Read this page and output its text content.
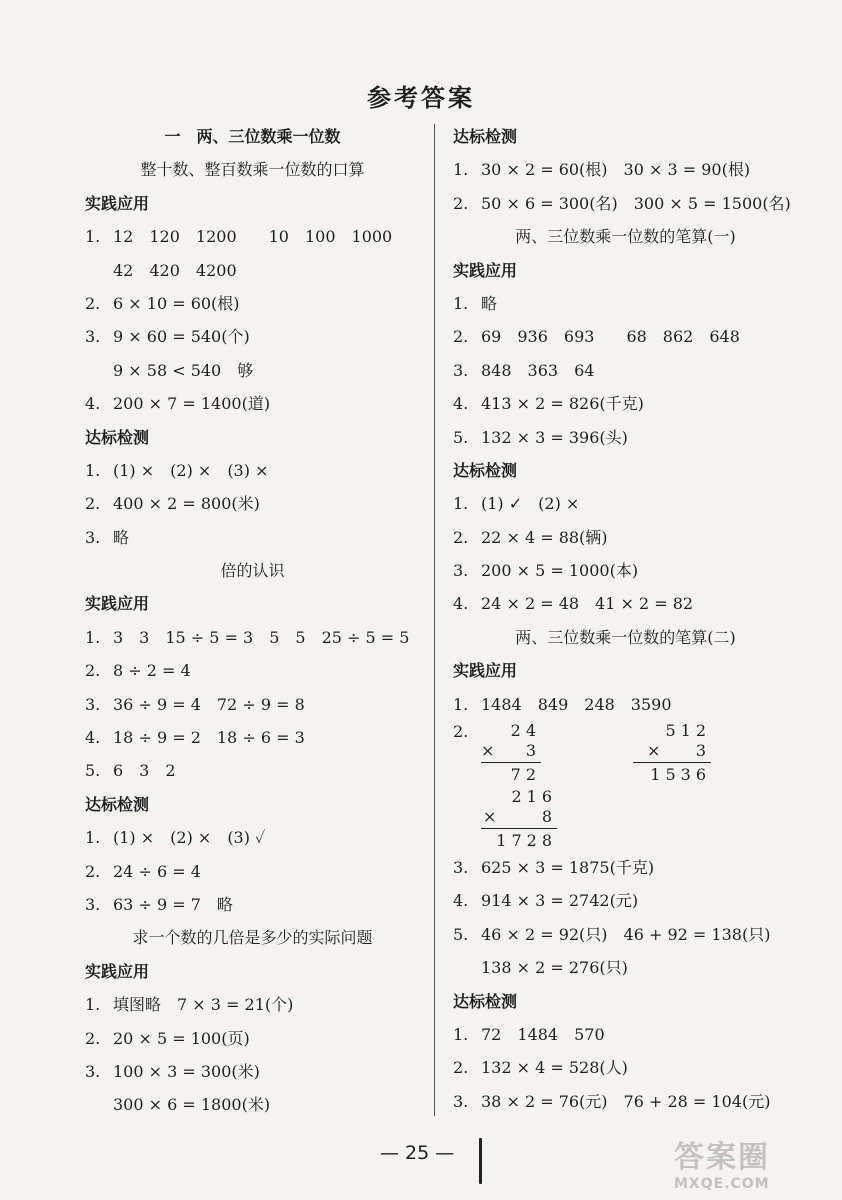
参考答案
一　两、三位数乘一位数
整十数、整百数乘一位数的口算
实践应用
1. 12　120　1200　　10　100　1000
42　420　4200
2. 6 × 10 = 60(根)
3. 9 × 60 = 540(个)
9 × 58 < 540　够
4. 200 × 7 = 1400(道)
达标检测
1. (1) ×　(2) ×　(3) ×
2. 400 × 2 = 800(米)
3. 略
倍的认识
实践应用
1. 3　3　15 ÷ 5 = 3　5　5　25 ÷ 5 = 5
2. 8 ÷ 2 = 4
3. 36 ÷ 9 = 4　72 ÷ 9 = 8
4. 18 ÷ 9 = 2　18 ÷ 6 = 3
5. 6　3　2
达标检测
1. (1) ×　(2) ×　(3) ✓
2. 24 ÷ 6 = 4
3. 63 ÷ 9 = 7　略
求一个数的几倍是多少的实际问题
实践应用
1. 填图略　7 × 3 = 21(个)
2. 20 × 5 = 100(页)
3. 100 × 3 = 300(米)
300 × 6 = 1800(米)
达标检测
1. 30 × 2 = 60(根)　30 × 3 = 90(根)
2. 50 × 6 = 300(名)　300 × 5 = 1500(名)
两、三位数乘一位数的笔算(一)
实践应用
1. 略
2. 69　936　693　　68　862　648
3. 848　363　64
4. 413 × 2 = 826(千克)
5. 132 × 3 = 396(头)
达标检测
1. (1) ✓　(2) ×
2. 22 × 4 = 88(辆)
3. 200 × 5 = 1000(本)
4. 24 × 2 = 48　41 × 2 = 82
两、三位数乘一位数的笔算(二)
实践应用
1. 1484　849　248　3590
2.	24
× 3
72
512
× 3
1536
216
×	8
1728
3. 625 × 3 = 1875(千克)
4. 914 × 3 = 2742(元)
5. 46 × 2 = 92(只)　46 + 92 = 138(只)
138 × 2 = 276(只)
达标检测
1. 72　1484　570
2. 132 × 4 = 528(人)
3. 38 × 2 = 76(元)　76 + 28 = 104(元)
— 25 —	答案圈
MXQE.COM
